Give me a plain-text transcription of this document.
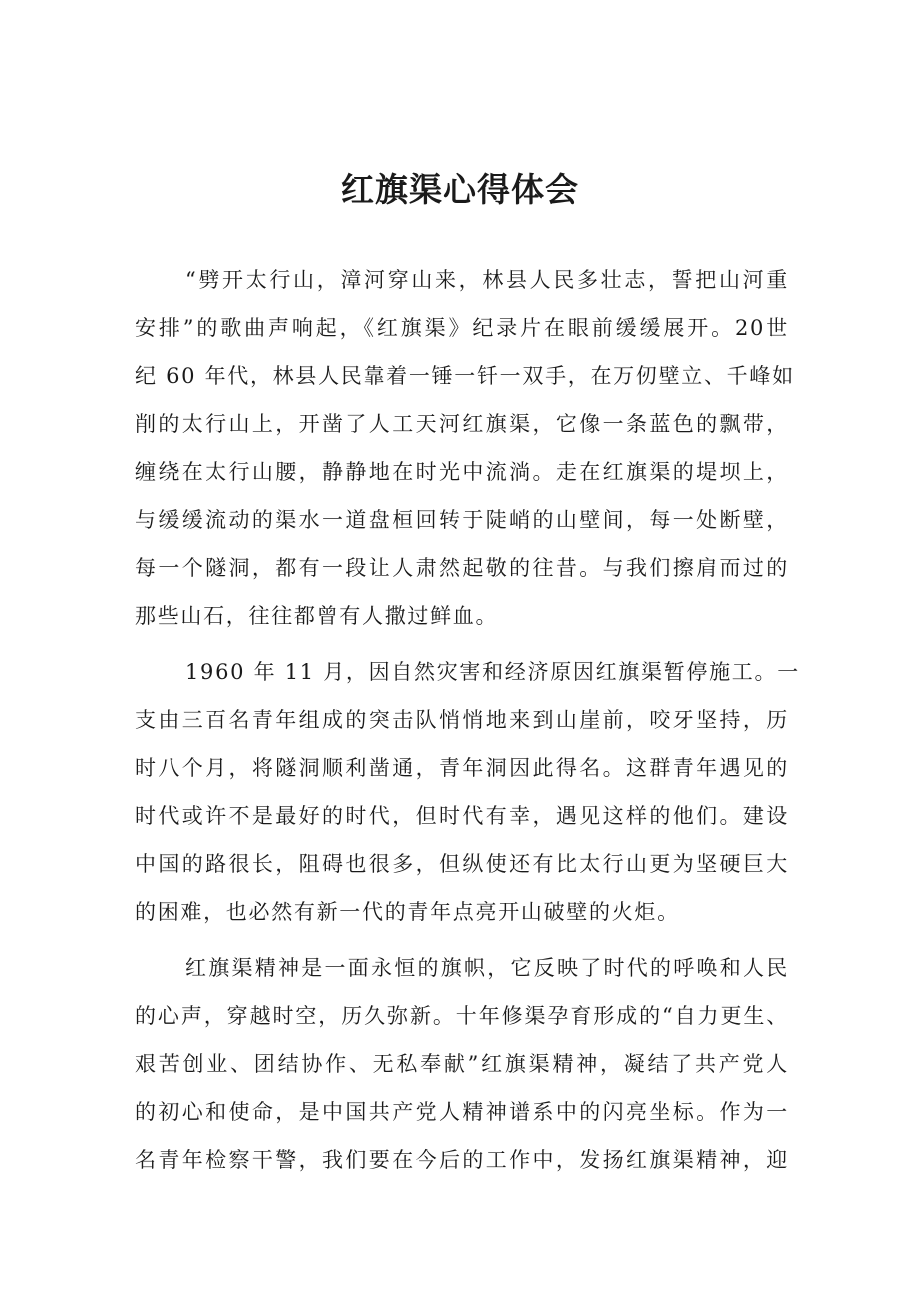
红旗渠心得体会

“劈开太行山，漳河穿山来，林县人民多壮志，誓把山河重
安排”的歌曲声响起，《红旗渠》纪录片在眼前缓缓展开。20世
纪 60 年代，林县人民靠着一锤一钎一双手，在万仞壁立、千峰如
削的太行山上，开凿了人工天河红旗渠，它像一条蓝色的飘带，
缠绕在太行山腰，静静地在时光中流淌。走在红旗渠的堤坝上，
与缓缓流动的渠水一道盘桓回转于陡峭的山壁间，每一处断壁，
每一个隧洞，都有一段让人肃然起敬的往昔。与我们擦肩而过的
那些山石，往往都曾有人撒过鲜血。

1960 年 11 月，因自然灾害和经济原因红旗渠暂停施工。一
支由三百名青年组成的突击队悄悄地来到山崖前，咬牙坚持，历
时八个月，将隧洞顺利凿通，青年洞因此得名。这群青年遇见的
时代或许不是最好的时代，但时代有幸，遇见这样的他们。建设
中国的路很长，阻碍也很多，但纵使还有比太行山更为坚硬巨大
的困难，也必然有新一代的青年点亮开山破壁的火炬。

红旗渠精神是一面永恒的旗帜，它反映了时代的呼唤和人民
的心声，穿越时空，历久弥新。十年修渠孕育形成的“自力更生、
艰苦创业、团结协作、无私奉献”红旗渠精神，凝结了共产党人
的初心和使命，是中国共产党人精神谱系中的闪亮坐标。作为一
名青年检察干警，我们要在今后的工作中，发扬红旗渠精神，迎
